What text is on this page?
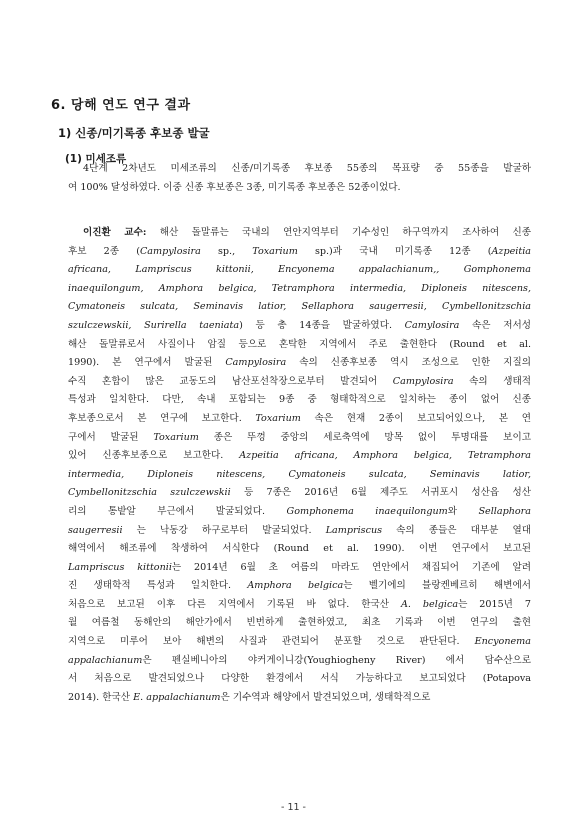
6. 당해 연도 연구 결과
1) 신종/미기록종 후보종 발굴
(1) 미세조류
4단계 2차년도 미세조류의 신종/미기록종 후보종 55종의 목표량 중 55종을 발굴하
여 100% 달성하였다. 이중 신종 후보종은 3종, 미기록종 후보종은 52종이었다.
이진환 교수: 해산 돌말류는 국내의 연안지역부터 기수성인 하구역까지 조사하여 신종
후보 2종 (Campylosira sp., Toxarium sp.)과 국내 미기록종 12종 (Azpeitia
africana, Lampriscus kittonii, Encyonema appalachianum,, Gomphonema
inaequilongum, Amphora belgica, Tetramphora intermedia, Diploneis nitescens,
Cymatoneis sulcata, Seminavis latior, Sellaphora saugerresii, Cymbellonitzschia
szulczewskii, Surirella taeniata) 등 총 14종을 발굴하였다. Camylosira 속은 저서성
해산 돌말류로서 사질이나 암질 등으로 혼탁한 지역에서 주로 출현한다 (Round et al.
1990). 본 연구에서 발굴된 Campylosira 속의 신종후보종 역시 조성으로 인한 지질의
수직 혼합이 많은 교동도의 남산포선착장으로부터 발견되어 Campylosira 속의 생태적
특성과 일치한다. 다만, 속내 포함되는 9종 중 형태학적으로 일치하는 종이 없어 신종
후보종으로서 본 연구에 보고한다. Toxarium 속은 현재 2종이 보고되어있으나, 본 연
구에서 발굴된 Toxarium 종은 뚜껑 중앙의 세로축역에 망목 없이 투명대를 보이고
있어 신종후보종으로 보고한다. Azpeitia africana, Amphora belgica, Tetramphora
intermedia, Diploneis nitescens, Cymatoneis sulcata, Seminavis latior,
Cymbellonitzschia szulczewskii 등 7종은 2016년 6월 제주도 서귀포시 성산읍 성산
리의 통밭알 부근에서 발굴되었다. Gomphonema inaequilongum와 Sellaphora
saugerresii 는 낙동강 하구로부터 발굴되었다. Lampriscus 속의 종들은 대부분 열대
해역에서 해조류에 착생하여 서식한다 (Round et al. 1990). 이번 연구에서 보고된
Lampriscus kittonii는 2014년 6월 초 여름의 마라도 연안에서 채집되어 기존에 알려
진 생태학적 특성과 일치한다. Amphora belgica는 벨기에의 블랑켄베르히 해변에서
처음으로 보고된 이후 다른 지역에서 기록된 바 없다. 한국산 A. belgica는 2015년 7
월 여름철 동해안의 해안가에서 빈번하게 출현하였고, 최초 기록과 이번 연구의 출현
지역으로 미루어 보아 해변의 사질과 관련되어 분포할 것으로 판단된다. Encyonema
appalachianum은 펜실베니아의 야커게이니강(Youghiogheny River) 에서 담수산으로
서 처음으로 발견되었으나 다양한 환경에서 서식 가능하다고 보고되었다 (Potapova
2014). 한국산 E. appalachianum은 기수역과 해양에서 발견되었으며, 생태학적으로
- 11 -
